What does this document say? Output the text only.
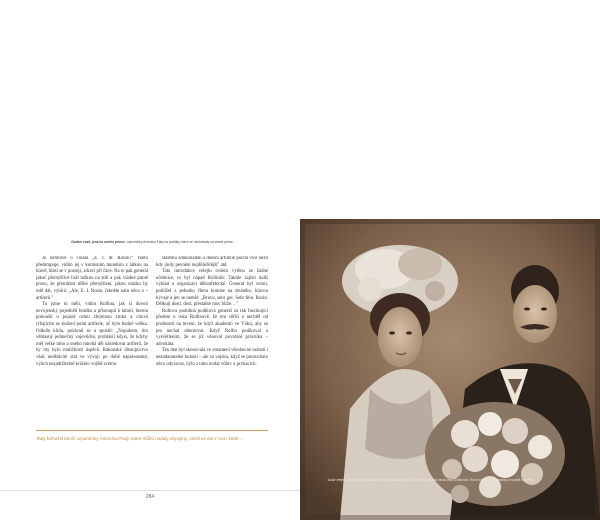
Osobní vozů: jena ku ozvího prince / vzpomínky Antonína Fialy na počátky, které se odehrávaly na straně prince

Jo nemluvě o volání „E. I. dr. Rollin?" Tento předstupuje, vidím jej v komisním mundúru z látkou na hlavě, hlásí se v postoji, zdraví při čáce. Na to pak generál jakoč přemýšlivě hrál tužkou na stůl a pak vládné putné prsou, že přemítání těžké přemýšlení, jakou otázku by měl dát, vybírá: „Ale, E. I. Rosin, řekněte nám něco o – artilerii."

Tu jsme to měli, vidím Rollina, jak si dovolí nevojenský pojednělí bradku a přistoupil k tabuli, kterou pokoušil u pojezd celou zřejmnou zrnku a citová týkajícím se složení polní artilerie, ač bylo hodně velika. Odkdle klidu, poklonil se a spustil: „Nopokem, tím věhlasný jedinečný vojevůdce, prohlásil kdysi, že kdyby měl velké toho a oneho mnohá děl následovat artilerii, že by my bylo maličkosti úspěch. Rakouské důstojnictvo však nedštávité stát ve vývoji po době napoleonské, výhců nezadržitelně kráčelo vojště svému

stálému zdokonalení a dnešní artilerie počítá více nežli kdy jindy pevnění nejdůležitější" atd.

Tato introdukce velejlu ovšem výtěnu ze žádné učebnice, to byl nápad Rollinův. Takhle zajistí další výklad o organizaci dělostřelecké. Generál byl velmi, pohlížel z jednoho členu komise na druhého, hlavou kývaje a jen se neměl: „Bravo, sehr gut. Sehr fein. Rosin. Dělkuji dosti, dost, přestaňte moc blíže…"

Rollova podobná podiková generál za tak fascinující předem o roku Rollinově, že mu věřili a nechtěl od profesorů na tevení, že když akademii ve Vídni, aby se jen nechal obnotovat. Když Rollin podíkoval a vysvětlením, že se již věnoval povolání právníka – advokáta.

Ten den byl skonuvala ve zmamení všeobecné radosti i nezadanutelné hulosti – ale za vojsku, když se porouchalo něco odyzovat, bylo z toho nodat vůbrc o prvkacích.

Tady bohužel končí vzpomínky Antonína Fialy, které můžú nedaly dopojiny. Jestli se asi v roce 1930…
284
Autor zřejmě vzpomínkové Antonína Fialy ke svatbě roku 1903, věnuje a jeho žena Anna Šimůnová. Ruce dole přejí vzpomínky a svatbě na fotce.
